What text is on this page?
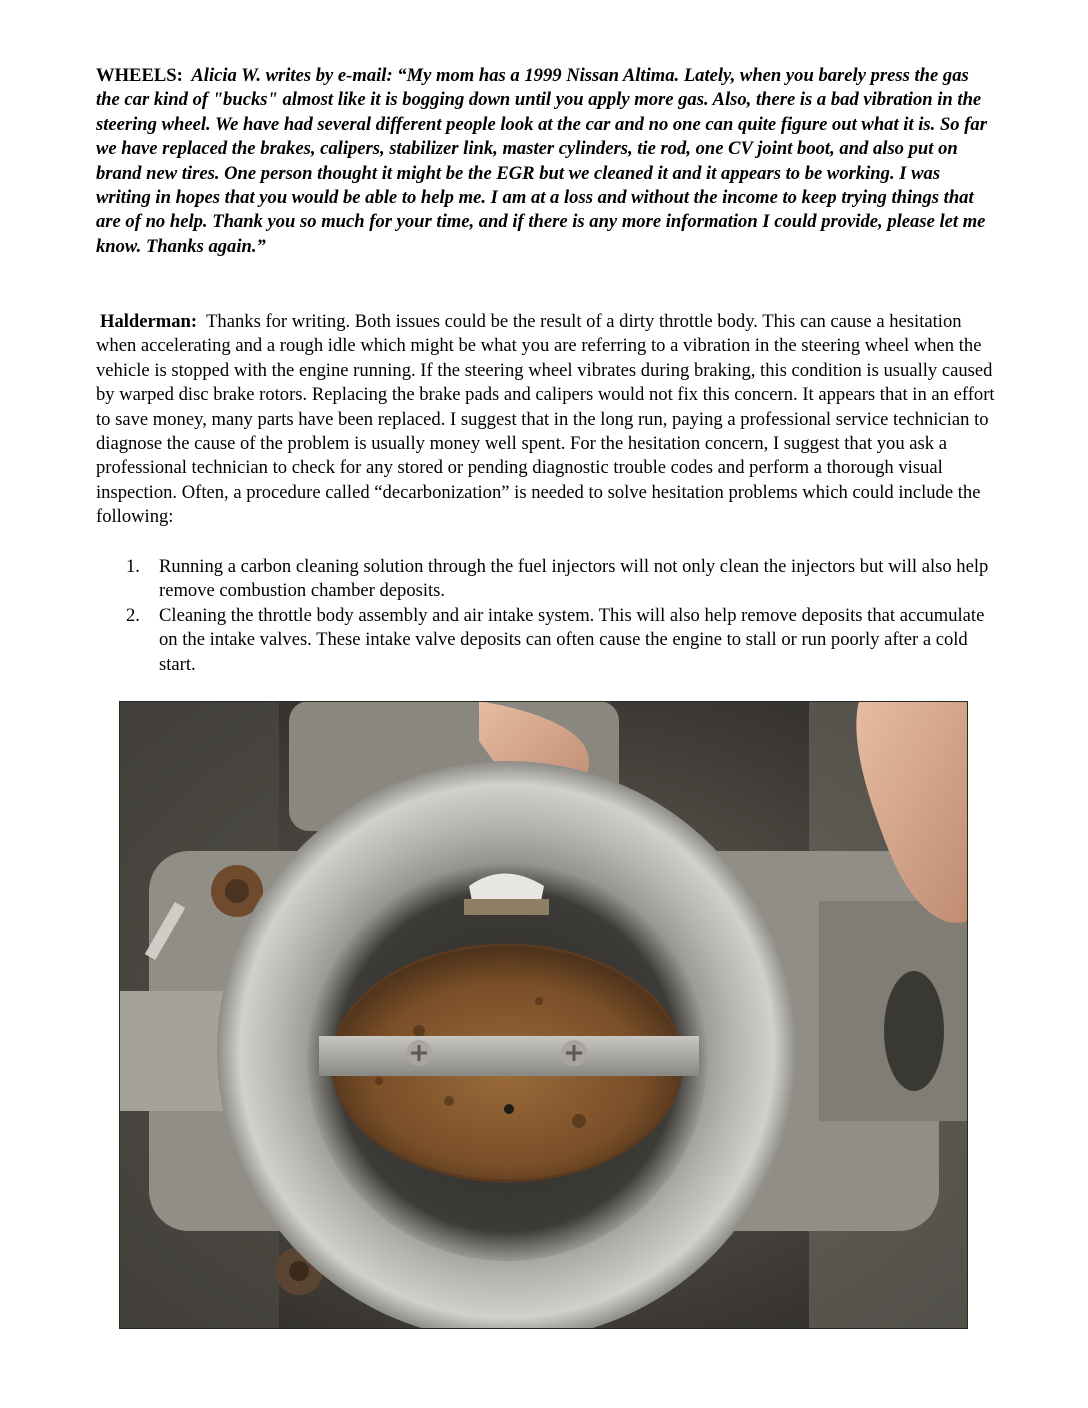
WHEELS: Alicia W. writes by e-mail: “My mom has a 1999 Nissan Altima. Lately, when you barely press the gas the car kind of "bucks" almost like it is bogging down until you apply more gas. Also, there is a bad vibration in the steering wheel. We have had several different people look at the car and no one can quite figure out what it is. So far we have replaced the brakes, calipers, stabilizer link, master cylinders, tie rod, one CV joint boot, and also put on brand new tires. One person thought it might be the EGR but we cleaned it and it appears to be working. I was writing in hopes that you would be able to help me. I am at a loss and without the income to keep trying things that are of no help. Thank you so much for your time, and if there is any more information I could provide, please let me know. Thanks again.”

Halderman: Thanks for writing. Both issues could be the result of a dirty throttle body. This can cause a hesitation when accelerating and a rough idle which might be what you are referring to a vibration in the steering wheel when the vehicle is stopped with the engine running. If the steering wheel vibrates during braking, this condition is usually caused by warped disc brake rotors. Replacing the brake pads and calipers would not fix this concern. It appears that in an effort to save money, many parts have been replaced. I suggest that in the long run, paying a professional service technician to diagnose the cause of the problem is usually money well spent. For the hesitation concern, I suggest that you ask a professional technician to check for any stored or pending diagnostic trouble codes and perform a thorough visual inspection. Often, a procedure called “decarbonization” is needed to solve hesitation problems which could include the following:

1. Running a carbon cleaning solution through the fuel injectors will not only clean the injectors but will also help remove combustion chamber deposits.
2. Cleaning the throttle body assembly and air intake system. This will also help remove deposits that accumulate on the intake valves. These intake valve deposits can often cause the engine to stall or run poorly after a cold start.
